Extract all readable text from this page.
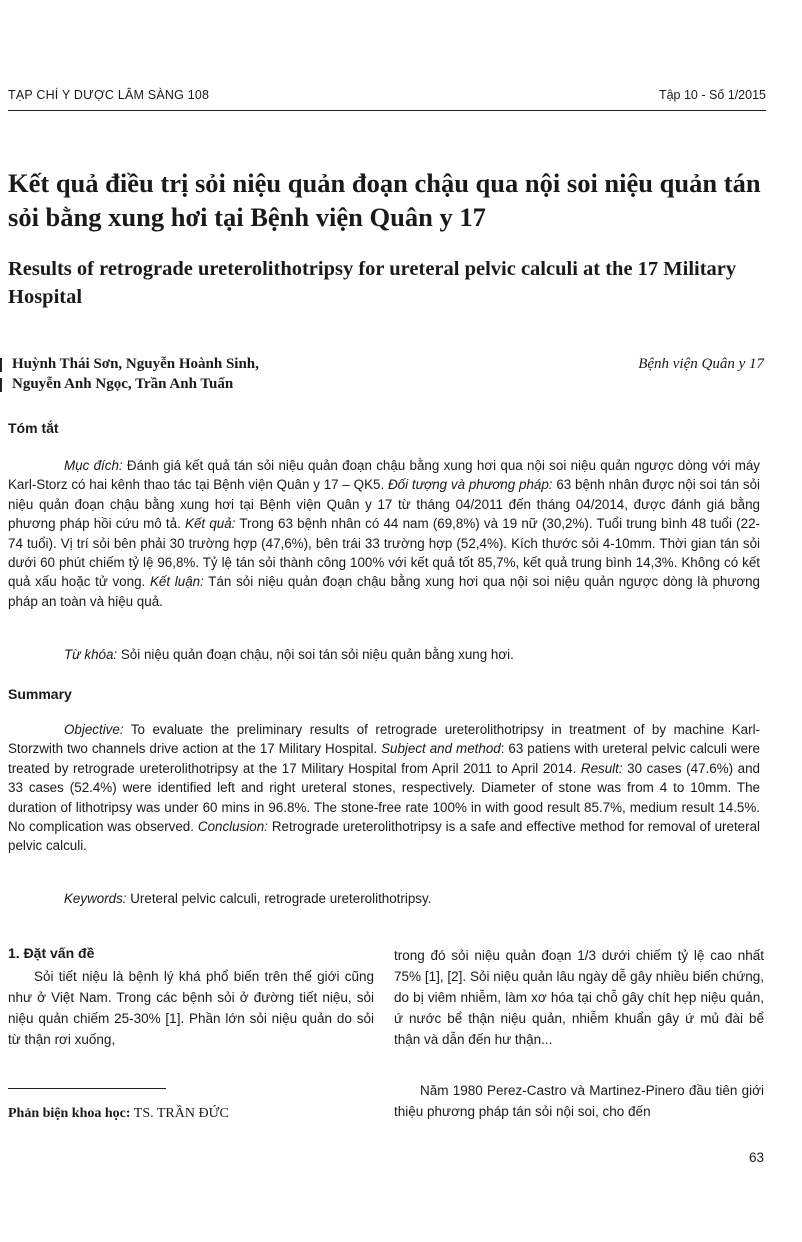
TẠP CHÍ Y DƯỢC LÂM SÀNG 108	Tập 10 - Số 1/2015
Kết quả điều trị sỏi niệu quản đoạn chậu qua nội soi niệu quản tán sỏi bằng xung hơi tại Bệnh viện Quân y 17
Results of retrograde ureterolithotripsy for ureteral pelvic calculi at the 17 Military Hospital
Huỳnh Thái Sơn, Nguyễn Hoành Sinh,
Nguyễn Anh Ngọc, Trần Anh Tuấn
Bệnh viện Quân y 17
Tóm tắt

Mục đích: Đánh giá kết quả tán sỏi niệu quản đoạn chậu bằng xung hơi qua nội soi niệu quản ngược dòng với máy Karl-Storz có hai kênh thao tác tại Bệnh viện Quân y 17 – QK5. Đối tượng và phương pháp: 63 bệnh nhân được nội soi tán sỏi niệu quản đoạn chậu bằng xung hơi tại Bệnh viện Quân y 17 từ tháng 04/2011 đến tháng 04/2014, được đánh giá bằng phương pháp hồi cứu mô tả. Kết quả: Trong 63 bệnh nhân có 44 nam (69,8%) và 19 nữ (30,2%). Tuổi trung bình 48 tuổi (22-74 tuổi). Vị trí sỏi bên phải 30 trường hợp (47,6%), bên trái 33 trường hợp (52,4%). Kích thước sỏi 4-10mm. Thời gian tán sỏi dưới 60 phút chiếm tỷ lệ 96,8%. Tỷ lệ tán sỏi thành công 100% với kết quả tốt 85,7%, kết quả trung bình 14,3%. Không có kết quả xấu hoặc tử vong. Kết luận: Tán sỏi niệu quản đoạn chậu bằng xung hơi qua nội soi niệu quản ngược dòng là phương pháp an toàn và hiệu quả.

Từ khóa: Sỏi niệu quản đoạn chậu, nội soi tán sỏi niệu quản bằng xung hơi.

Summary

Objective: To evaluate the preliminary results of retrograde ureterolithotripsy in treatment of by machine Karl-Storzwith two channels drive action at the 17 Military Hospital. Subject and method: 63 patiens with ureteral pelvic calculi were treated by retrograde ureterolithotripsy at the 17 Military Hospital from April 2011 to April 2014. Result: 30 cases (47.6%) and 33 cases (52.4%) were identified left and right ureteral stones, respectively. Diameter of stone was from 4 to 10mm. The duration of lithotripsy was under 60 mins in 96.8%. The stone-free rate 100% in with good result 85.7%, medium result 14.5%. No complication was observed. Conclusion: Retrograde ureterolithotripsy is a safe and effective method for removal of ureteral pelvic calculi.

Keywords: Ureteral pelvic calculi, retrograde ureterolithotripsy.

1. Đặt vấn đề

Sỏi tiết niệu là bệnh lý khá phổ biến trên thế giới cũng như ở Việt Nam. Trong các bệnh sỏi ở đường tiết niệu, sỏi niệu quản chiếm 25-30% [1]. Phần lớn sỏi niệu quản do sỏi từ thận rơi xuống,

trong đó sỏi niệu quản đoạn 1/3 dưới chiếm tỷ lệ cao nhất 75% [1], [2]. Sỏi niệu quản lâu ngày dễ gây nhiều biến chứng, do bị viêm nhiễm, làm xơ hóa tại chỗ gây chít hẹp niệu quản, ứ nước bể thận niệu quản, nhiễm khuẩn gây ứ mủ đài bể thận và dẫn đến hư thận...

Năm 1980 Perez-Castro và Martinez-Pinero đầu tiên giới thiệu phương pháp tán sỏi nội soi, cho đến

Phản biện khoa học: TS. TRẦN ĐỨC
63
